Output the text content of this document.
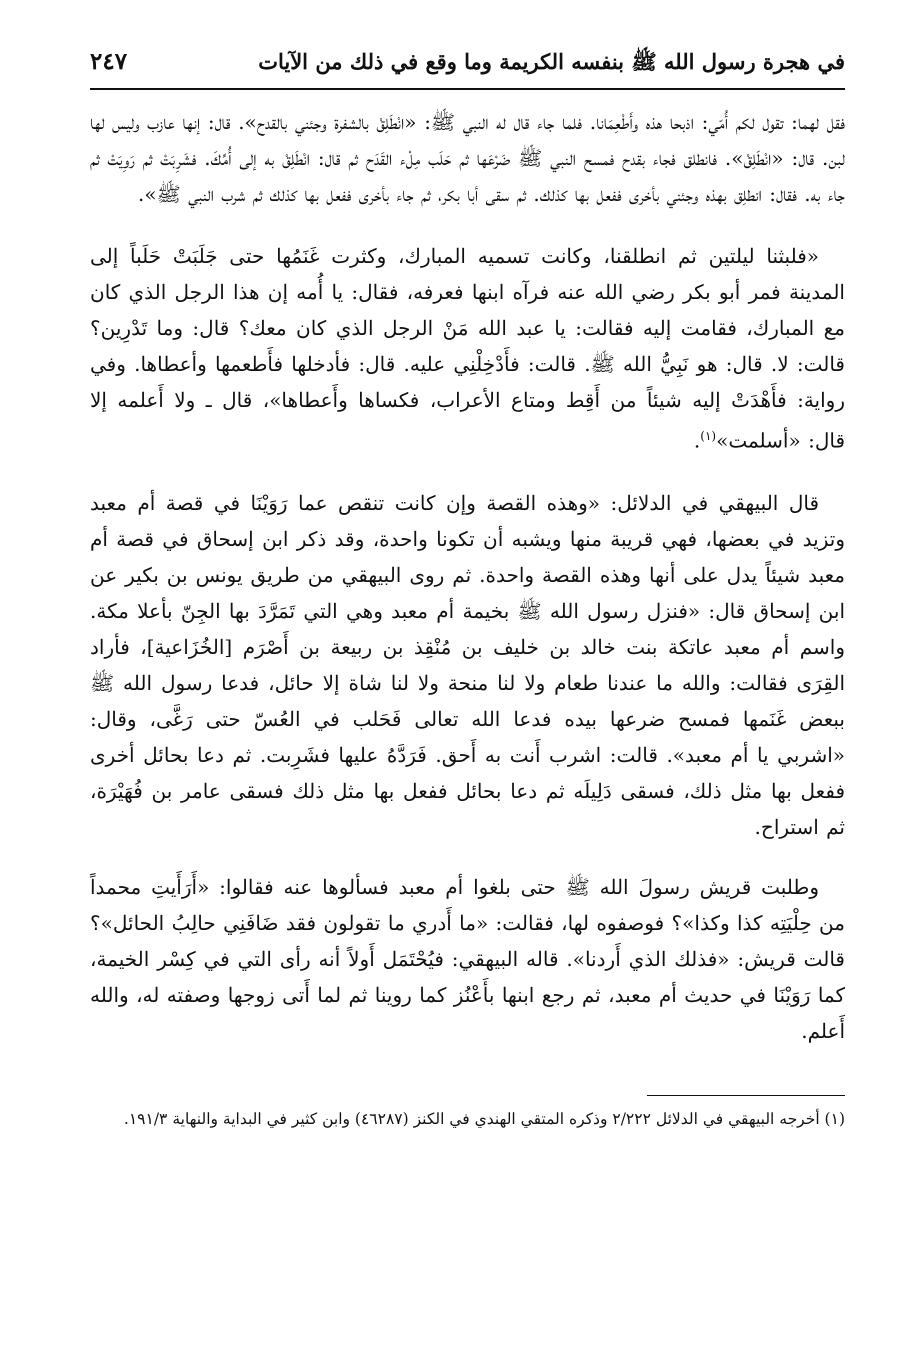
في هجرة رسول الله ﷺ بنفسه الكريمة وما وقع في ذلك من الآيات
٢٤٧

فقل لهما: تقول لكم أُمّي: اذبحا هذه وأَطْعِمَانا. فلما جاء قال له النبي ﷺ: «انْطَلِقْ بالشفرة وجئني بالقدح». قال: إنها عازب وليس لها لبن. قال: «انْطَلِقْ». فانطلق فجاء بقدح فمسح النبي ﷺ ضَرْعَها ثم حَلَب مِلْء القَدَح ثم قال: انْطَلِقْ به إلى أُمِّكَ. فشَرِبَتْ ثم رَوِيَتْ ثم جاء به. فقال: انطلِق بهذه وجئني بأخرى ففعل بها كذلك. ثم سقى أبا بكر، ثم جاء بأخرى ففعل بها كذلك ثم شرب النبي ﷺ».

«فلبثنا ليلتين ثم انطلقنا، وكانت تسميه المبارك، وكثرت غَنَمُها حتى جَلَبَتْ حَلَباً إلى المدينة فمر أبو بكر رضي الله عنه فرآه ابنها فعرفه، فقال: يا أُمه إن هذا الرجل الذي كان مع المبارك، فقامت إليه فقالت: يا عبد الله مَنْ الرجل الذي كان معك؟ قال: وما تَدْرِين؟ قالت: لا. قال: هو نَبِيُّ الله ﷺ. قالت: فأَدْخِلْنِي عليه. قال: فأدخلها فأَطعمها وأعطاها. وفي رواية: فأَهْدَتْ إليه شيئاً من أَقِط ومتاع الأعراب، فكساها وأَعطاها»، قال ـ ولا أَعلمه إلا قال: «أسلمت»$^{(١)}$.

قال البيهقي في الدلائل: «وهذه القصة وإن كانت تنقص عما رَوَيْنَا في قصة أم معبد وتزيد في بعضها، فهي قريبة منها ويشبه أن تكونا واحدة، وقد ذكر ابن إسحاق في قصة أم معبد شيئاً يدل على أنها وهذه القصة واحدة. ثم روى البيهقي من طريق يونس بن بكير عن ابن إسحاق قال: «فنزل رسول الله ﷺ بخيمة أم معبد وهي التي تَمَرَّدَ بها الجِنّ بأعلا مكة. واسم أم معبد عاتكة بنت خالد بن خليف بن مُنْقِذ بن ربيعة بن أَصْرَم [الخُزَاعية]، فأراد القِرَى فقالت: والله ما عندنا طعام ولا لنا منحة ولا لنا شاة إلا حائل، فدعا رسول الله ﷺ ببعض غَنَمها فمسح ضرعها بيده فدعا الله تعالى فَحَلب في العُسّ حتى رَغَّى، وقال: «اشربي يا أم معبد». قالت: اشرب أَنت به أَحق. فَرَدَّهُ عليها فشَرِبت. ثم دعا بحائل أخرى ففعل بها مثل ذلك، فسقى دَلِيلَه ثم دعا بحائل ففعل بها مثل ذلك فسقى عامر بن فُهَيْرَة، ثم استراح.

وطلبت قريش رسولَ الله ﷺ حتى بلغوا أم معبد فسألوها عنه فقالوا: «أَرَأَيتِ محمداً من حِلْيَتِه كذا وكذا»؟ فوصفوه لها، فقالت: «ما أَدري ما تقولون فقد ضَافَنِي حالِبُ الحائل»؟ قالت قريش: «فذلك الذي أَردنا». قاله البيهقي: فيُحْتَمَل أَولاً أنه رأى التي في كِسْر الخيمة، كما رَوَيْنَا في حديث أم معبد، ثم رجع ابنها بأَعْنُز كما روينا ثم لما أَتى زوجها وصفته له، والله أَعلم.

(١) أخرجه البيهقي في الدلائل ٢/٢٢٢ وذكره المتقي الهندي في الكنز (٤٦٢٨٧) وابن كثير في البداية والنهاية ١٩١/٣.
